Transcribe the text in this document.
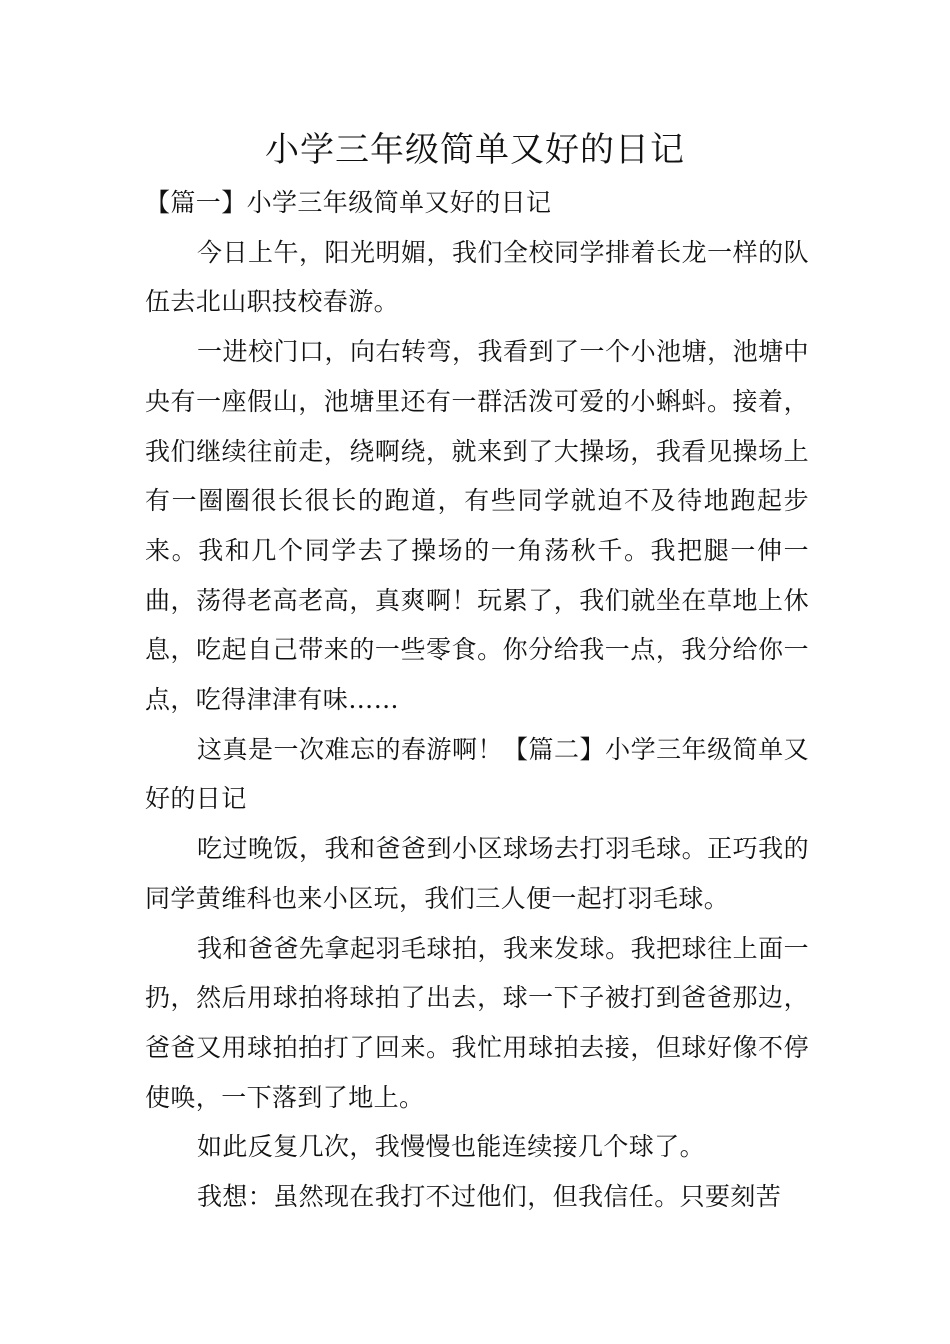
小学三年级简单又好的日记

【篇一】小学三年级简单又好的日记

今日上午，阳光明媚，我们全校同学排着长龙一样的队伍去北山职技校春游。

一进校门口，向右转弯，我看到了一个小池塘，池塘中央有一座假山，池塘里还有一群活泼可爱的小蝌蚪。接着，我们继续往前走，绕啊绕，就来到了大操场，我看见操场上有一圈圈很长很长的跑道，有些同学就迫不及待地跑起步来。我和几个同学去了操场的一角荡秋千。我把腿一伸一曲，荡得老高老高，真爽啊！玩累了，我们就坐在草地上休息，吃起自己带来的一些零食。你分给我一点，我分给你一点，吃得津津有味……

这真是一次难忘的春游啊！【篇二】小学三年级简单又好的日记

吃过晚饭，我和爸爸到小区球场去打羽毛球。正巧我的同学黄维科也来小区玩，我们三人便一起打羽毛球。

我和爸爸先拿起羽毛球拍，我来发球。我把球往上面一扔，然后用球拍将球拍了出去，球一下子被打到爸爸那边，爸爸又用球拍拍打了回来。我忙用球拍去接，但球好像不停使唤，一下落到了地上。

如此反复几次，我慢慢也能连续接几个球了。

我想：虽然现在我打不过他们，但我信任。只要刻苦
